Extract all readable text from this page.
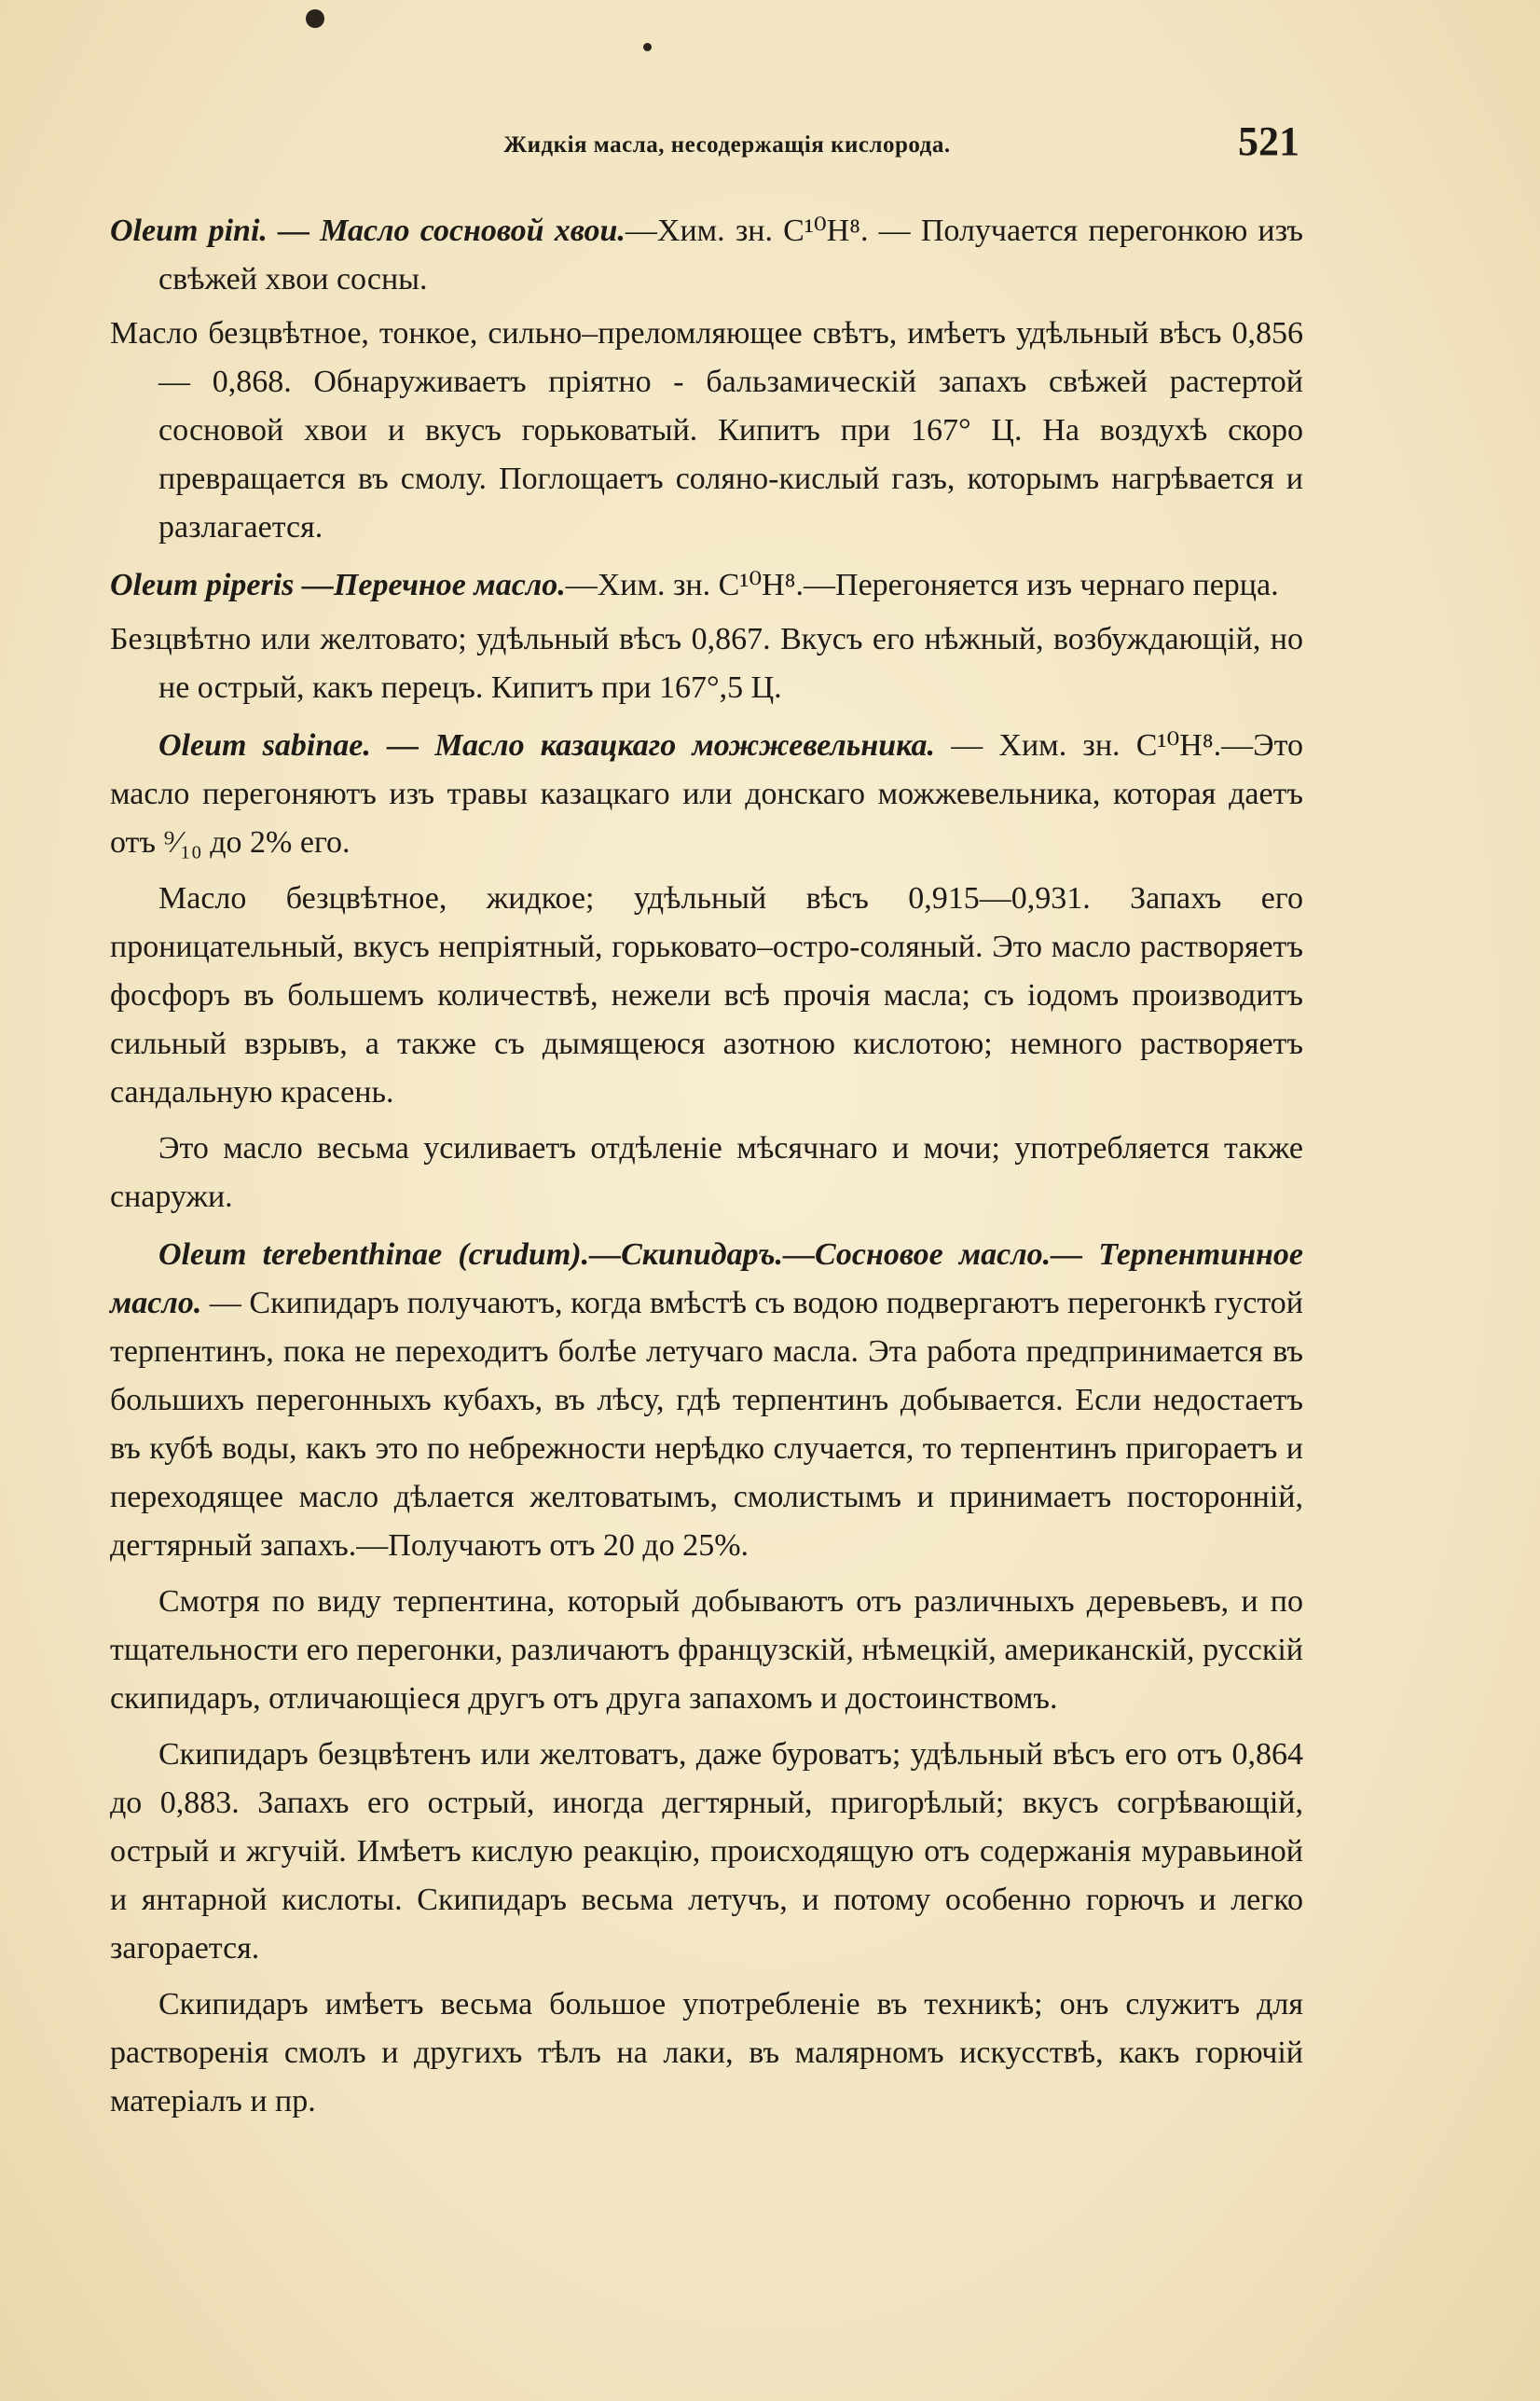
Жидкія масла, несодержащія кислорода.	521

Oleum pini. — Масло сосновой хвои.—Хим. зн. C¹⁰H⁸. — Получается перегонкою изъ свѣжей хвои сосны.

Масло безцвѣтное, тонкое, сильно–преломляющее свѣтъ, имѣетъ удѣльный вѣсъ 0,856 — 0,868. Обнаруживаетъ пріятно - бальзамическій запахъ свѣжей растертой сосновой хвои и вкусъ горьковатый. Кипитъ при 167° Ц. На воздухѣ скоро превращается въ смолу. Поглощаетъ соляно-кислый газъ, которымъ нагрѣвается и разлагается.

Oleum piperis —Перечное масло.—Хим. зн. C¹⁰H⁸.—Перегоняется изъ чернаго перца.

Безцвѣтно или желтовато; удѣльный вѣсъ 0,867. Вкусъ его нѣжный, возбуждающій, но не острый, какъ перецъ. Кипитъ при 167°,5 Ц.

Oleum sabinae. — Масло казацкаго можжевельника. — Хим. зн. C¹⁰H⁸.—Это масло перегоняютъ изъ травы казацкаго или донскаго можжевельника, которая даетъ отъ ⁹⁄₁₀ до 2% его.

Масло безцвѣтное, жидкое; удѣльный вѣсъ 0,915—0,931. Запахъ его проницательный, вкусъ непріятный, горьковато–остро-соляный. Это масло растворяетъ фосфоръ въ большемъ количествѣ, нежели всѣ прочія масла; съ іодомъ производитъ сильный взрывъ, а также съ дымящеюся азотною кислотою; немного растворяетъ сандальную красень.

Это масло весьма усиливаетъ отдѣленіе мѣсячнаго и мочи; употребляется также снаружи.

Oleum terebenthinae (crudum).—Скипидаръ.—Сосновое масло.— Терпентинное масло. — Скипидаръ получаютъ, когда вмѣстѣ съ водою подвергаютъ перегонкѣ густой терпентинъ, пока не переходитъ болѣе летучаго масла. Эта работа предпринимается въ большихъ перегонныхъ кубахъ, въ лѣсу, гдѣ терпентинъ добывается. Если недостаетъ въ кубѣ воды, какъ это по небрежности нерѣдко случается, то терпентинъ пригораетъ и переходящее масло дѣлается желтоватымъ, смолистымъ и принимаетъ посторонній, дегтярный запахъ.—Получаютъ отъ 20 до 25%.

Смотря по виду терпентина, который добываютъ отъ различныхъ деревьевъ, и по тщательности его перегонки, различаютъ французскій, нѣмецкій, американскій, русскій скипидаръ, отличающіеся другъ отъ друга запахомъ и достоинствомъ.

Скипидаръ безцвѣтенъ или желтоватъ, даже буроватъ; удѣльный вѣсъ его отъ 0,864 до 0,883. Запахъ его острый, иногда дегтярный, пригорѣлый; вкусъ согрѣвающій, острый и жгучій. Имѣетъ кислую реакцію, происходящую отъ содержанія муравьиной и янтарной кислоты. Скипидаръ весьма летучъ, и потому особенно горючъ и легко загорается.

Скипидаръ имѣетъ весьма большое употребленіе въ техникѣ; онъ служитъ для растворенія смолъ и другихъ тѣлъ на лаки, въ малярномъ искусствѣ, какъ горючій матеріалъ и пр.
